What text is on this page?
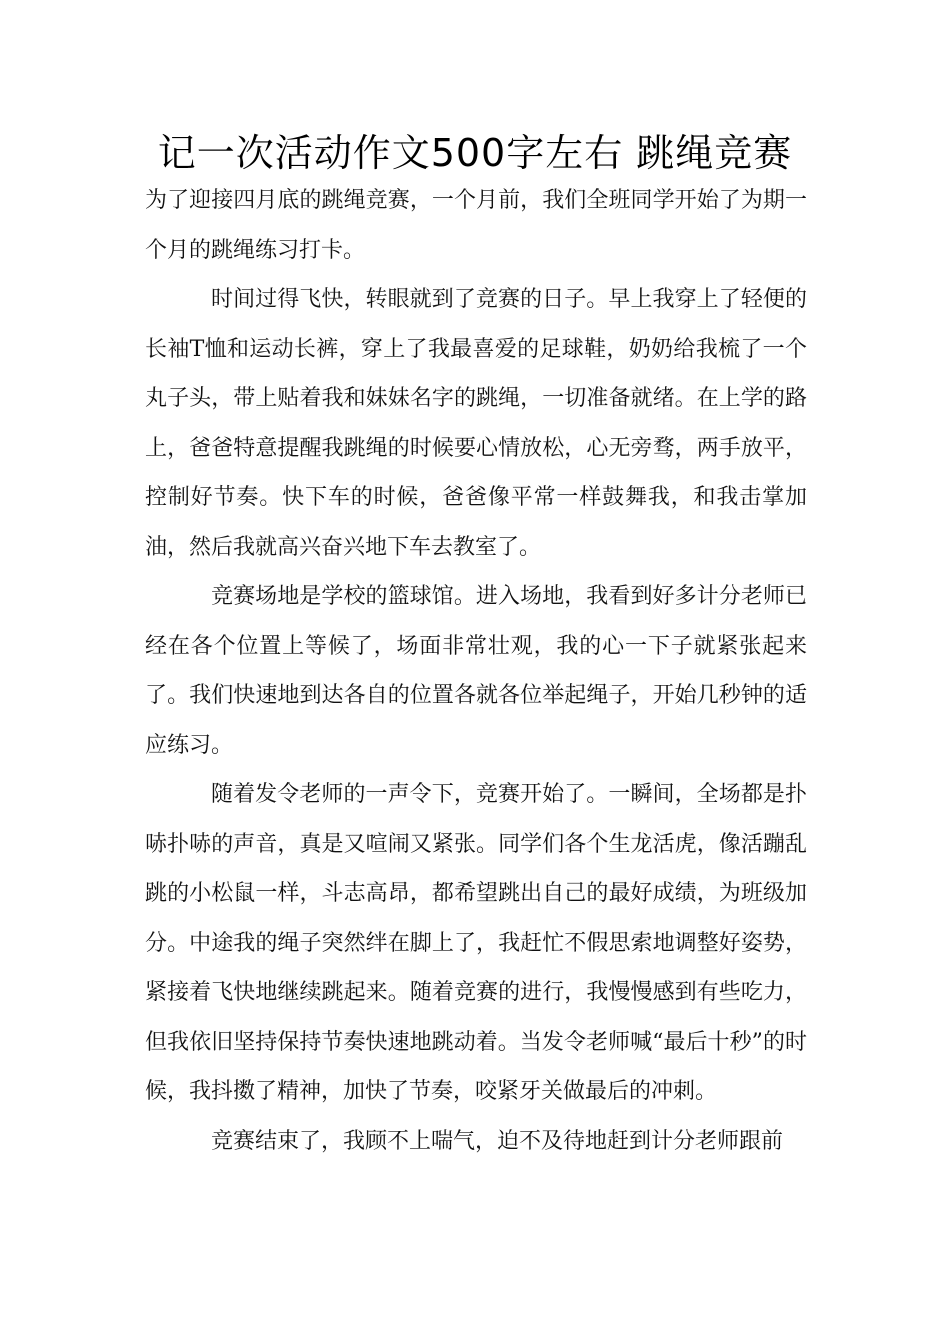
记一次活动作文500字左右 跳绳竞赛

为了迎接四月底的跳绳竞赛，一个月前，我们全班同学开始了为期一个月的跳绳练习打卡。

时间过得飞快，转眼就到了竞赛的日子。早上我穿上了轻便的长袖T恤和运动长裤，穿上了我最喜爱的足球鞋，奶奶给我梳了一个丸子头，带上贴着我和妹妹名字的跳绳，一切准备就绪。在上学的路上，爸爸特意提醒我跳绳的时候要心情放松，心无旁骛，两手放平，控制好节奏。快下车的时候，爸爸像平常一样鼓舞我，和我击掌加油，然后我就高兴奋兴地下车去教室了。

竞赛场地是学校的篮球馆。进入场地，我看到好多计分老师已经在各个位置上等候了，场面非常壮观，我的心一下子就紧张起来了。我们快速地到达各自的位置各就各位举起绳子，开始几秒钟的适应练习。

随着发令老师的一声令下，竞赛开始了。一瞬间，全场都是扑哧扑哧的声音，真是又喧闹又紧张。同学们各个生龙活虎，像活蹦乱跳的小松鼠一样，斗志高昂，都希望跳出自己的最好成绩，为班级加分。中途我的绳子突然绊在脚上了，我赶忙不假思索地调整好姿势，紧接着飞快地继续跳起来。随着竞赛的进行，我慢慢感到有些吃力，但我依旧坚持保持节奏快速地跳动着。当发令老师喊“最后十秒”的时候，我抖擞了精神，加快了节奏，咬紧牙关做最后的冲刺。

竞赛结束了，我顾不上喘气，迫不及待地赶到计分老师跟前
